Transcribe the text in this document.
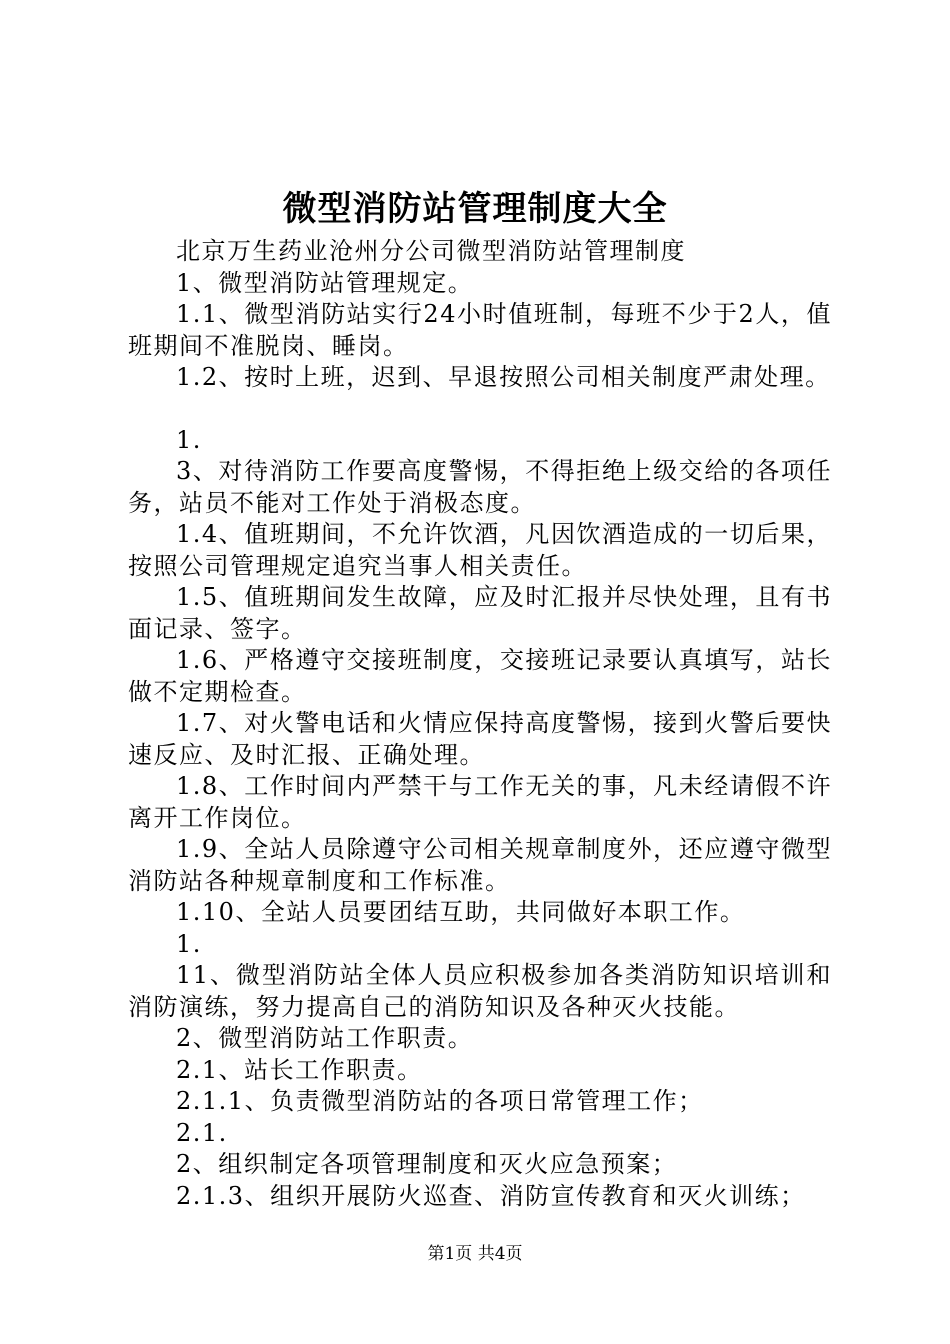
微型消防站管理制度大全

北京万生药业沧州分公司微型消防站管理制度

1、微型消防站管理规定。

1.1、微型消防站实行24小时值班制，每班不少于2人，值班期间不准脱岗、睡岗。

1.2、按时上班，迟到、早退按照公司相关制度严肃处理。

1.

3、对待消防工作要高度警惕，不得拒绝上级交给的各项任务，站员不能对工作处于消极态度。

1.4、值班期间，不允许饮酒，凡因饮酒造成的一切后果，按照公司管理规定追究当事人相关责任。

1.5、值班期间发生故障，应及时汇报并尽快处理，且有书面记录、签字。

1.6、严格遵守交接班制度，交接班记录要认真填写，站长做不定期检查。

1.7、对火警电话和火情应保持高度警惕，接到火警后要快速反应、及时汇报、正确处理。

1.8、工作时间内严禁干与工作无关的事，凡未经请假不许离开工作岗位。

1.9、全站人员除遵守公司相关规章制度外，还应遵守微型消防站各种规章制度和工作标准。

1.10、全站人员要团结互助，共同做好本职工作。

1.

11、微型消防站全体人员应积极参加各类消防知识培训和消防演练，努力提高自己的消防知识及各种灭火技能。

2、微型消防站工作职责。

2.1、站长工作职责。

2.1.1、负责微型消防站的各项日常管理工作；

2.1.

2、组织制定各项管理制度和灭火应急预案；

2.1.3、组织开展防火巡查、消防宣传教育和灭火训练；

第1页 共4页
